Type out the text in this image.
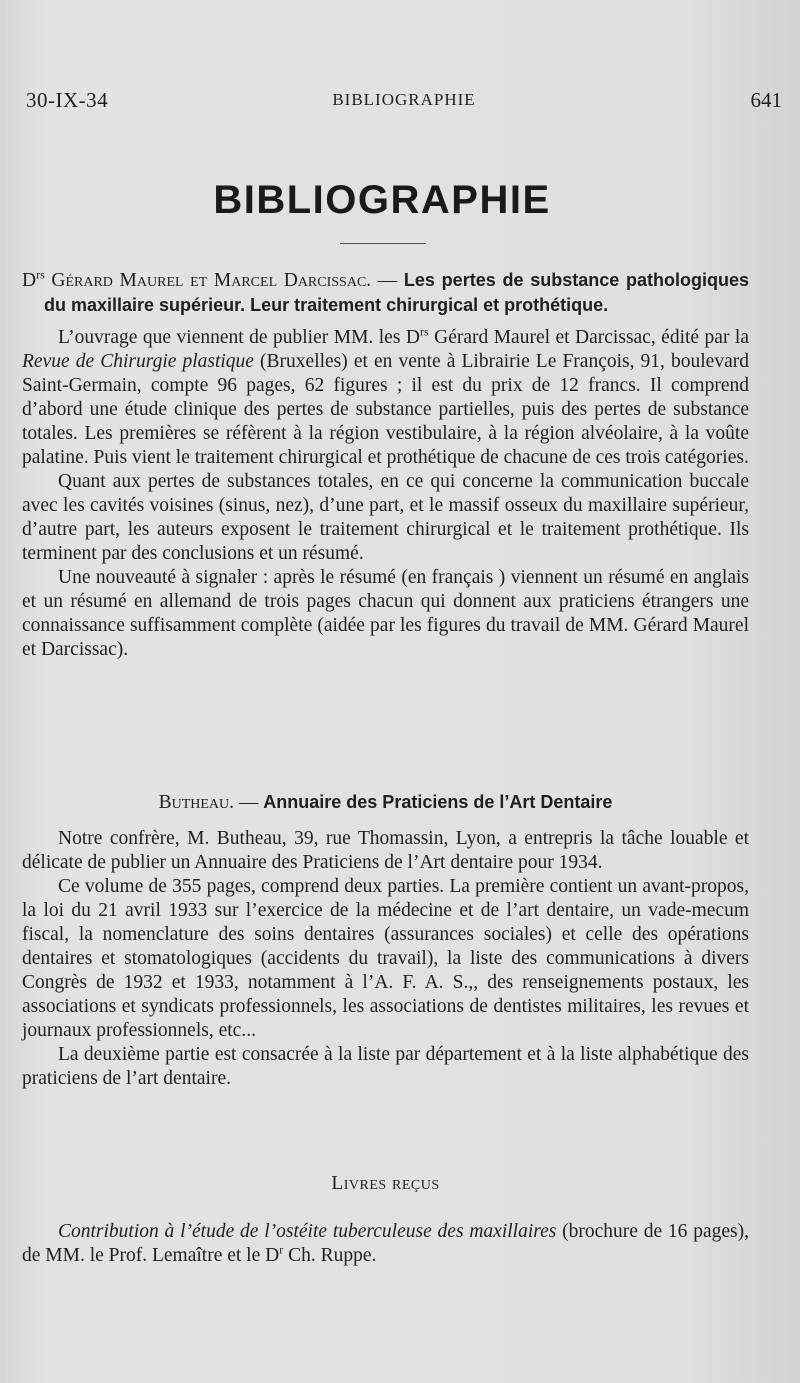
30-IX-34	BIBLIOGRAPHIE	641
BIBLIOGRAPHIE

$D^{rs}$ Gérard Maurel et Marcel Darcissac. — Les pertes de substance pathologiques du maxillaire supérieur. Leur traitement chirurgical et prothétique.

L’ouvrage que viennent de publier MM. les $D^{rs}$ Gérard Maurel et Darcissac, édité par la Revue de Chirurgie plastique (Bruxelles) et en vente à Librairie Le François, 91, boulevard Saint-Germain, compte 96 pages, 62 figures ; il est du prix de 12 francs. Il comprend d’abord une étude clinique des pertes de substance partielles, puis des pertes de substance totales. Les premières se réfèrent à la région vestibulaire, à la région alvéolaire, à la voûte palatine. Puis vient le traitement chirurgical et prothétique de chacune de ces trois catégories.

Quant aux pertes de substances totales, en ce qui concerne la communication buccale avec les cavités voisines (sinus, nez), d’une part, et le massif osseux du maxillaire supérieur, d’autre part, les auteurs exposent le traitement chirurgical et le traitement prothétique. Ils terminent par des conclusions et un résumé.

Une nouveauté à signaler : après le résumé (en français ) viennent un résumé en anglais et un résumé en allemand de trois pages chacun qui donnent aux praticiens étrangers une connaissance suffisamment complète (aidée par les figures du travail de MM. Gérard Maurel et Darcissac).

Butheau. — Annuaire des Praticiens de l’Art Dentaire

Notre confrère, M. Butheau, 39, rue Thomassin, Lyon, a entrepris la tâche louable et délicate de publier un Annuaire des Praticiens de l’Art dentaire pour 1934.

Ce volume de 355 pages, comprend deux parties. La première contient un avant-propos, la loi du 21 avril 1933 sur l’exercice de la médecine et de l’art dentaire, un vade-mecum fiscal, la nomenclature des soins dentaires (assurances sociales) et celle des opérations dentaires et stomatologiques (accidents du travail), la liste des communications à divers Congrès de 1932 et 1933, notamment à l’A. F. A. S.,, des renseignements postaux, les associations et syndicats professionnels, les associations de dentistes militaires, les revues et journaux professionnels, etc...

La deuxième partie est consacrée à la liste par département et à la liste alphabétique des praticiens de l’art dentaire.

Livres reçus

Contribution à l’étude de l’ostéite tuberculeuse des maxillaires (brochure de 16 pages), de MM. le Prof. Lemaître et le $D^r$ Ch. Ruppe.
